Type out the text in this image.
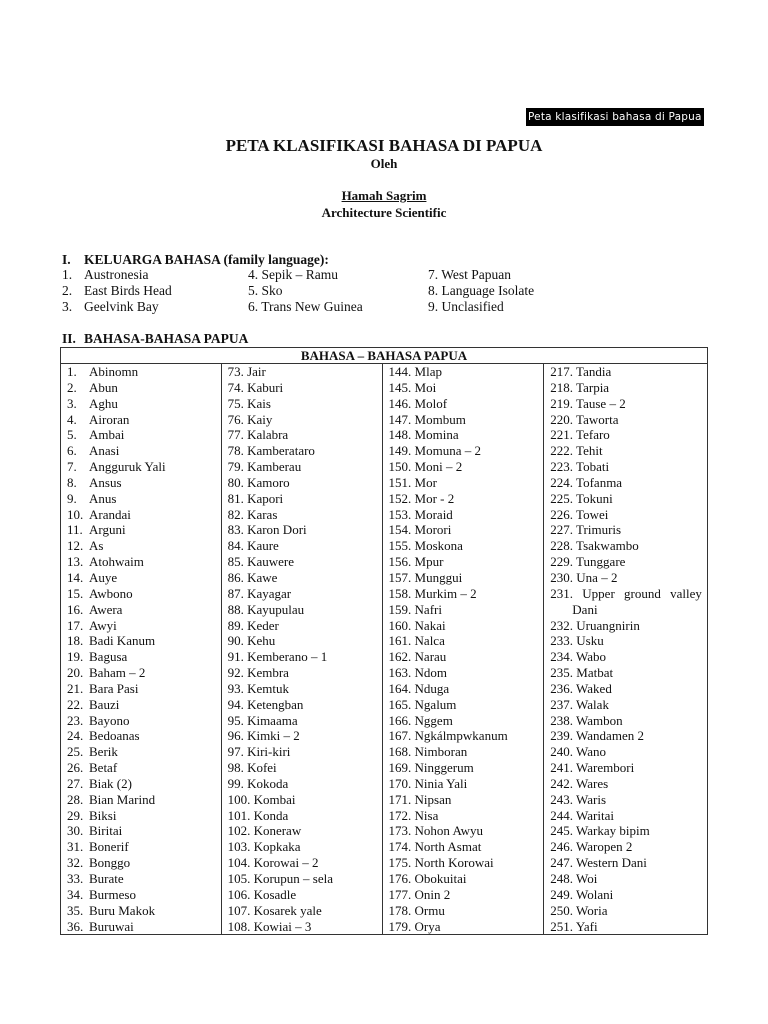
Peta klasifikasi bahasa di Papua
PETA KLASIFIKASI BAHASA DI PAPUA
Oleh
Hamah Sagrim
Architecture Scientific
I. KELUARGA BAHASA (family language):
1. Austronesia	4. Sepik – Ramu	7. West Papuan
2. East Birds Head	5. Sko	8. Language Isolate
3. Geelvink Bay	6. Trans New Guinea	9. Unclasified
II. BAHASA-BAHASA PAPUA
BAHASA – BAHASA PAPUA

1. Abinomn
2. Abun
3. Aghu
4. Airoran
5. Ambai
6. Anasi
7. Angguruk Yali
8. Ansus
9. Anus
10. Arandai
11. Arguni
12. As
13. Atohwaim
14. Auye
15. Awbono
16. Awera
17. Awyi
18. Badi Kanum
19. Bagusa
20. Baham – 2
21. Bara Pasi
22. Bauzi
23. Bayono
24. Bedoanas
25. Berik
26. Betaf
27. Biak (2)
28. Bian Marind
29. Biksi
30. Biritai
31. Bonerif
32. Bonggo
33. Burate
34. Burmeso
35. Buru Makok
36. Buruwai

73. Jair
74. Kaburi
75. Kais
76. Kaiy
77. Kalabra
78. Kamberataro
79. Kamberau
80. Kamoro
81. Kapori
82. Karas
83. Karon Dori
84. Kaure
85. Kauwere
86. Kawe
87. Kayagar
88. Kayupulau
89. Keder
90. Kehu
91. Kemberano – 1
92. Kembra
93. Kemtuk
94. Ketengban
95. Kimaama
96. Kimki – 2
97. Kiri-kiri
98. Kofei
99. Kokoda
100. Kombai
101. Konda
102. Koneraw
103. Kopkaka
104. Korowai – 2
105. Korupun – sela
106. Kosadle
107. Kosarek yale
108. Kowiai – 3

144. Mlap
145. Moi
146. Molof
147. Mombum
148. Momina
149. Momuna – 2
150. Moni – 2
151. Mor
152. Mor - 2
153. Moraid
154. Morori
155. Moskona
156. Mpur
157. Munggui
158. Murkim – 2
159. Nafri
160. Nakai
161. Nalca
162. Narau
163. Ndom
164. Nduga
165. Ngalum
166. Nggem
167. Ngkálmpwkanum
168. Nimboran
169. Ninggerum
170. Ninia Yali
171. Nipsan
172. Nisa
173. Nohon Awyu
174. North Asmat
175. North Korowai
176. Obokuitai
177. Onin 2
178. Ormu
179. Orya

217. Tandia
218. Tarpia
219. Tause – 2
220. Taworta
221. Tefaro
222. Tehit
223. Tobati
224. Tofanma
225. Tokuni
226. Towei
227. Trimuris
228. Tsakwambo
229. Tunggare
230. Una – 2
231. Upper ground valley
Dani
232. Uruangnirin
233. Usku
234. Wabo
235. Matbat
236. Waked
237. Walak
238. Wambon
239. Wandamen 2
240. Wano
241. Warembori
242. Wares
243. Waris
244. Waritai
245. Warkay bipim
246. Waropen 2
247. Western Dani
248. Woi
249. Wolani
250. Woria
251. Yafi
